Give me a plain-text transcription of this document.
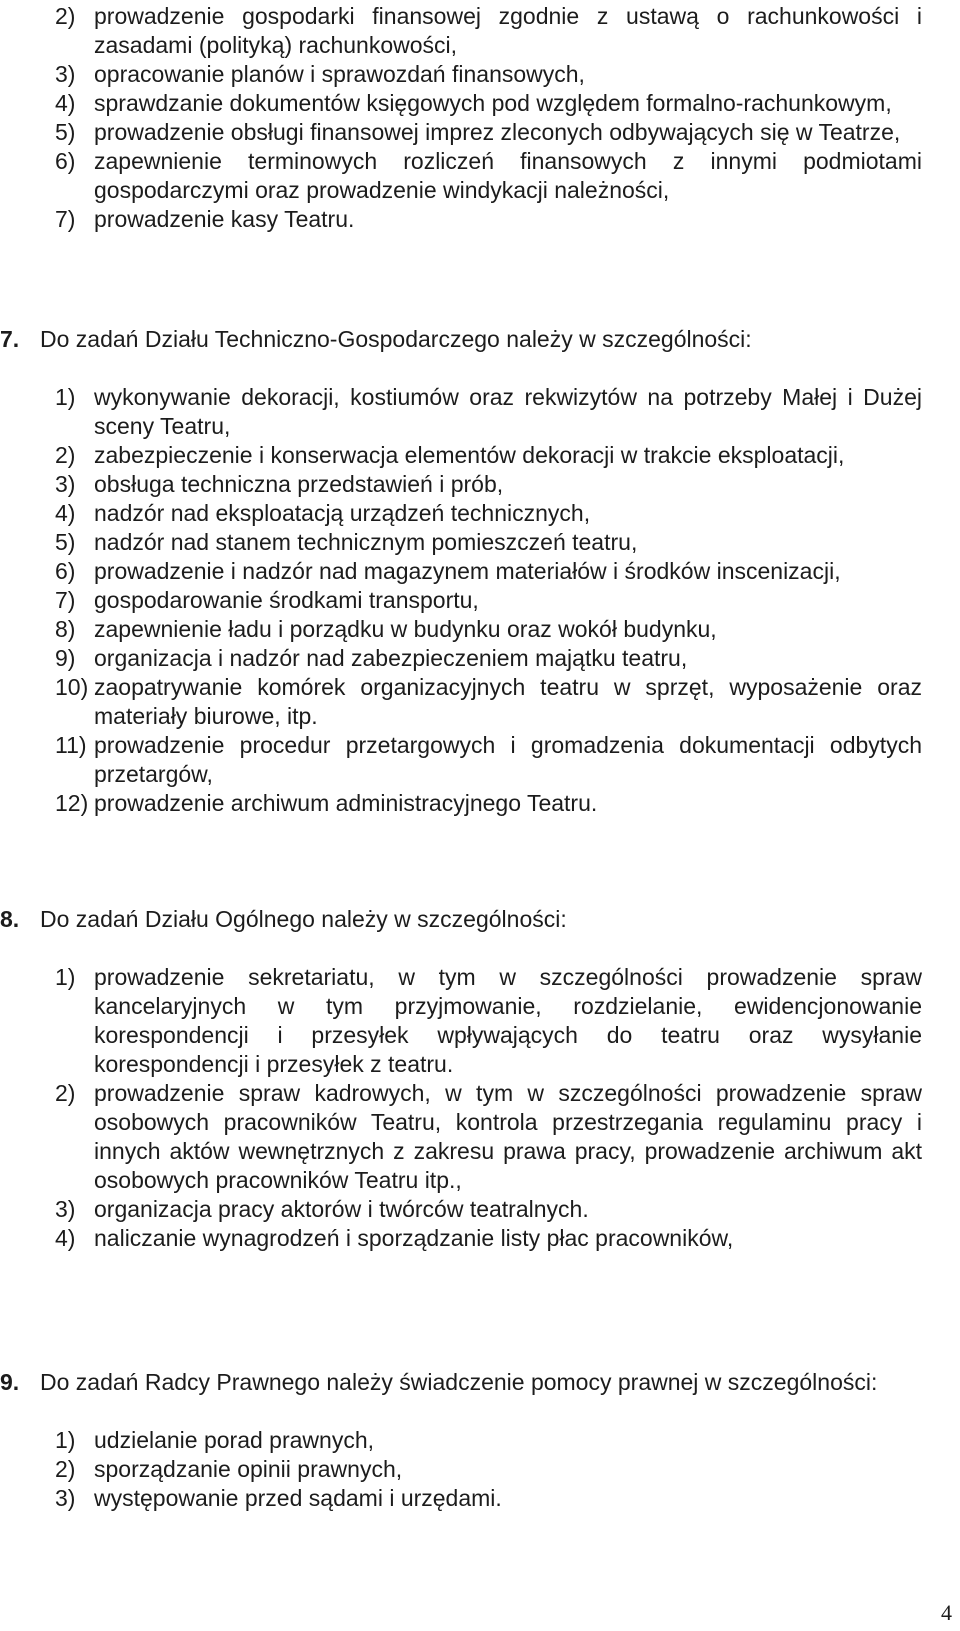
2) prowadzenie gospodarki finansowej zgodnie z ustawą o rachunkowości i zasadami (polityką) rachunkowości,
3) opracowanie planów i sprawozdań finansowych,
4) sprawdzanie dokumentów księgowych pod względem formalno-rachunkowym,
5) prowadzenie obsługi finansowej imprez zleconych odbywających się w Teatrze,
6) zapewnienie terminowych rozliczeń finansowych z innymi podmiotami gospodarczymi oraz prowadzenie windykacji należności,
7) prowadzenie kasy Teatru.
7. Do zadań Działu Techniczno-Gospodarczego należy w szczególności:
1) wykonywanie dekoracji, kostiumów oraz rekwizytów na potrzeby Małej i Dużej sceny Teatru,
2) zabezpieczenie i konserwacja elementów dekoracji w trakcie eksploatacji,
3) obsługa techniczna przedstawień i prób,
4) nadzór nad eksploatacją urządzeń technicznych,
5) nadzór nad stanem technicznym pomieszczeń teatru,
6) prowadzenie i nadzór nad magazynem materiałów i środków inscenizacji,
7) gospodarowanie środkami transportu,
8) zapewnienie ładu i porządku w budynku oraz wokół budynku,
9) organizacja i nadzór nad zabezpieczeniem majątku teatru,
10) zaopatrywanie komórek organizacyjnych teatru w sprzęt, wyposażenie oraz materiały biurowe, itp.
11) prowadzenie procedur przetargowych i gromadzenia dokumentacji odbytych przetargów,
12) prowadzenie archiwum administracyjnego Teatru.
8. Do zadań Działu Ogólnego należy w szczególności:
1) prowadzenie sekretariatu, w tym w szczególności prowadzenie spraw kancelaryjnych w tym przyjmowanie, rozdzielanie, ewidencjonowanie korespondencji i przesyłek wpływających do teatru oraz wysyłanie korespondencji i przesyłek z teatru.
2) prowadzenie spraw kadrowych, w tym w szczególności prowadzenie spraw osobowych pracowników Teatru, kontrola przestrzegania regulaminu pracy i innych aktów wewnętrznych z zakresu prawa pracy, prowadzenie archiwum akt osobowych pracowników Teatru itp.,
3) organizacja pracy aktorów i twórców teatralnych.
4) naliczanie wynagrodzeń i sporządzanie listy płac pracowników,
9. Do zadań Radcy Prawnego należy świadczenie pomocy prawnej w szczególności:
1) udzielanie porad prawnych,
2) sporządzanie opinii prawnych,
3) występowanie przed sądami i urzędami.
4
